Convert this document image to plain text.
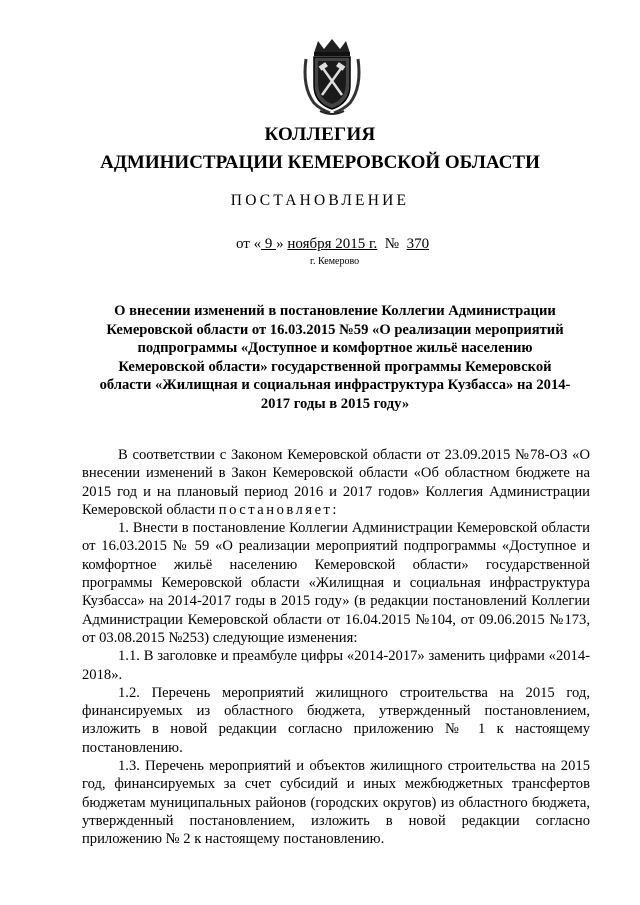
КОЛЛЕГИЯ
АДМИНИСТРАЦИИ КЕМЕРОВСКОЙ ОБЛАСТИ
ПОСТАНОВЛЕНИЕ
от « 9 » ноября 2015 г.  №  370
г. Кемерово
О внесении изменений в постановление Коллегии Администрации Кемеровской области от 16.03.2015 №59 «О реализации мероприятий подпрограммы «Доступное и комфортное жильё населению Кемеровской области» государственной программы Кемеровской области «Жилищная и социальная инфраструктура Кузбасса» на 2014-2017 годы в 2015 году»

В соответствии с Законом Кемеровской области от 23.09.2015 №78-ОЗ «О внесении изменений в Закон Кемеровской области «Об областном бюджете на 2015 год и на плановый период 2016 и 2017 годов» Коллегия Администрации Кемеровской области постановляет:

1. Внести в постановление Коллегии Администрации Кемеровской области от 16.03.2015 № 59 «О реализации мероприятий подпрограммы «Доступное и комфортное жильё населению Кемеровской области» государственной программы Кемеровской области «Жилищная и социальная инфраструктура Кузбасса» на 2014-2017 годы в 2015 году» (в редакции постановлений Коллегии Администрации Кемеровской области от 16.04.2015 №104, от 09.06.2015 №173, от 03.08.2015 №253) следующие изменения:

1.1. В заголовке и преамбуле цифры «2014-2017» заменить цифрами «2014-2018».

1.2. Перечень мероприятий жилищного строительства на 2015 год, финансируемых из областного бюджета, утвержденный постановлением, изложить в новой редакции согласно приложению № 1 к настоящему постановлению.

1.3. Перечень мероприятий и объектов жилищного строительства на 2015 год, финансируемых за счет субсидий и иных межбюджетных трансфертов бюджетам муниципальных районов (городских округов) из областного бюджета, утвержденный постановлением, изложить в новой редакции согласно приложению № 2 к настоящему постановлению.
